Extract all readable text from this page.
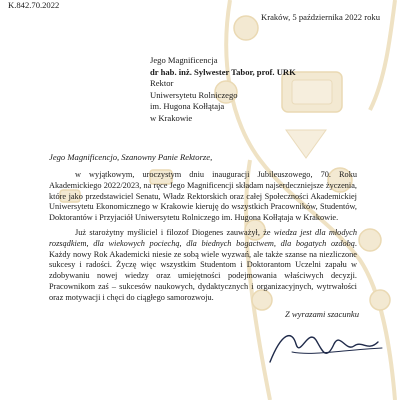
K.842.70.2022
Kraków, 5 października 2022 roku
Jego Magnificencja
dr hab. inż. Sylwester Tabor, prof. URK
Rektor
Uniwersytetu Rolniczego
im. Hugona Kołłątaja
w Krakowie
Jego Magnificencjo, Szanowny Panie Rektorze,

w wyjątkowym, uroczystym dniu inauguracji Jubileuszowego, 70. Roku Akademickiego 2022/2023, na ręce Jego Magnificencji składam najserdeczniejsze życzenia, które jako przedstawiciel Senatu, Władz Rektorskich oraz całej Społeczności Akademickiej Uniwersytetu Ekonomicznego w Krakowie kieruję do wszystkich Pracowników, Studentów, Doktorantów i Przyjaciół Uniwersytetu Rolniczego im. Hugona Kołłątaja w Krakowie.

Już starożytny myśliciel i filozof Diogenes zauważył, że wiedza jest dla młodych rozsądkiem, dla wiekowych pociechą, dla biednych bogactwem, dla bogatych ozdobą. Każdy nowy Rok Akademicki niesie ze sobą wiele wyzwań, ale także szanse na niezliczone sukcesy i radości. Życzę więc wszystkim Studentom i Doktorantom Uczelni zapału w zdobywaniu nowej wiedzy oraz umiejętności podejmowania właściwych decyzji. Pracownikom zaś – sukcesów naukowych, dydaktycznych i organizacyjnych, wytrwałości oraz motywacji i chęci do ciągłego samorozwoju.

Z wyrazami szacunku
